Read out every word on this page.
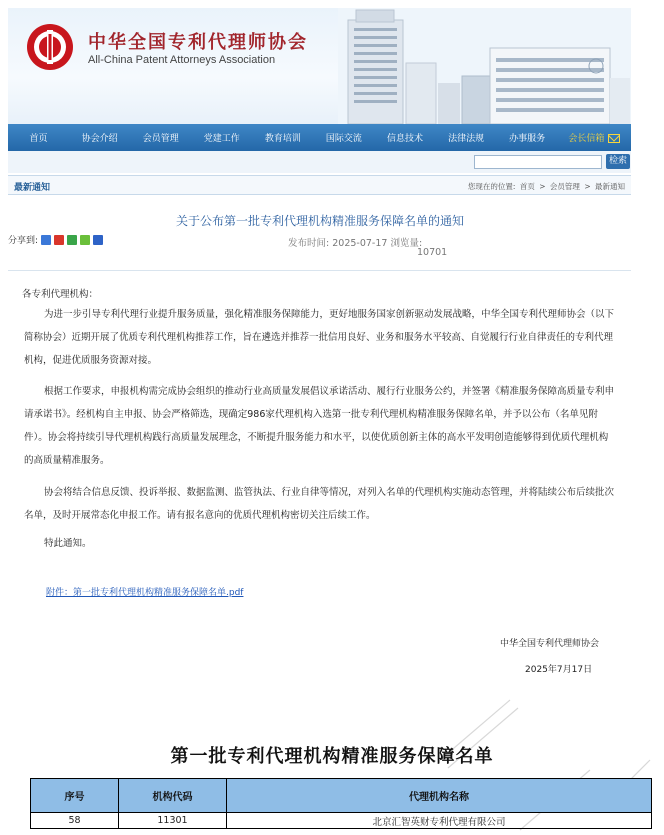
中华全国专利代理师协会
All-China Patent Attorneys Association
首页	协会介绍	会员管理	党建工作	教育培训	国际交流	信息技术	法律法规	办事服务	会长信箱
检索
最新通知	您现在的位置: 首页 > 会员管理 > 最新通知
关于公布第一批专利代理机构精准服务保障名单的通知
分享到:	发布时间: 2025-07-17 浏览量:
10701
各专利代理机构：
为进一步引导专利代理行业提升服务质量，强化精准服务保障能力，更好地服务国家创新驱动发展战略，中华全国专利代理师协会（以下简称协会）近期开展了优质专利代理机构推荐工作，旨在遴选并推荐一批信用良好、业务和服务水平较高、自觉履行行业自律责任的专利代理机构，促进优质服务资源对接。
根据工作要求，申报机构需完成协会组织的推动行业高质量发展倡议承诺活动、履行行业服务公约，并签署《精准服务保障高质量专利申请承诺书》。经机构自主申报、协会严格筛选，现确定986家代理机构入选第一批专利代理机构精准服务保障名单，并予以公布（名单见附件）。协会将持续引导代理机构践行高质量发展理念，不断提升服务能力和水平，以使优质创新主体的高水平发明创造能够得到优质代理机构的高质量精准服务。
协会将结合信息反馈、投诉举报、数据监测、监管执法、行业自律等情况，对列入名单的代理机构实施动态管理，并将陆续公布后续批次名单，及时开展常态化申报工作。请有报名意向的优质代理机构密切关注后续工作。
特此通知。
附件：第一批专利代理机构精准服务保障名单.pdf
中华全国专利代理师协会
2025年7月17日
第一批专利代理机构精准服务保障名单
序号	机构代码	代理机构名称
58	11301	北京汇智英财专利代理有限公司
